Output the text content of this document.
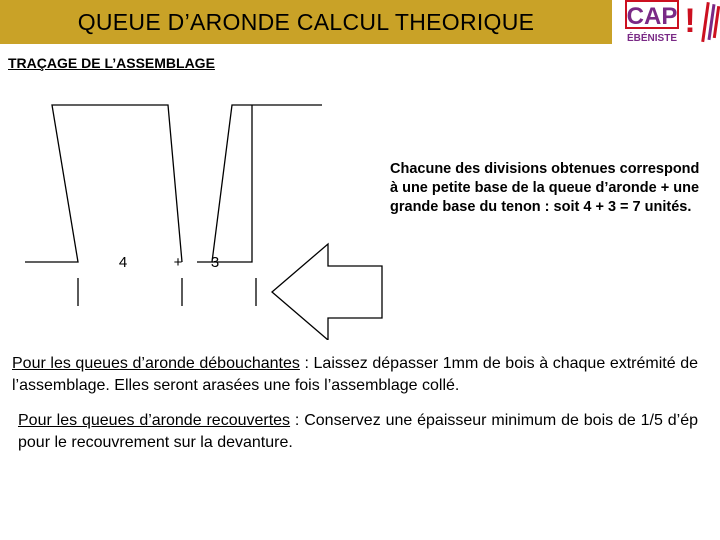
QUEUE D’ARONDE CALCUL THEORIQUE	CAP
ÉBÉNISTE !
TRAÇAGE DE L’ASSEMBLAGE
4	+ 3
Chacune des divisions obtenues correspond à une petite base de la queue d’aronde + une grande base du tenon : soit 4 + 3 = 7 unités.
Pour les queues d’aronde débouchantes : Laissez dépasser 1mm de bois à chaque extrémité de l’assemblage. Elles seront arasées une fois l’assemblage collé.
Pour les queues d’aronde recouvertes : Conservez une épaisseur minimum de bois de 1/5 d’ép pour le recouvrement sur la devanture.
